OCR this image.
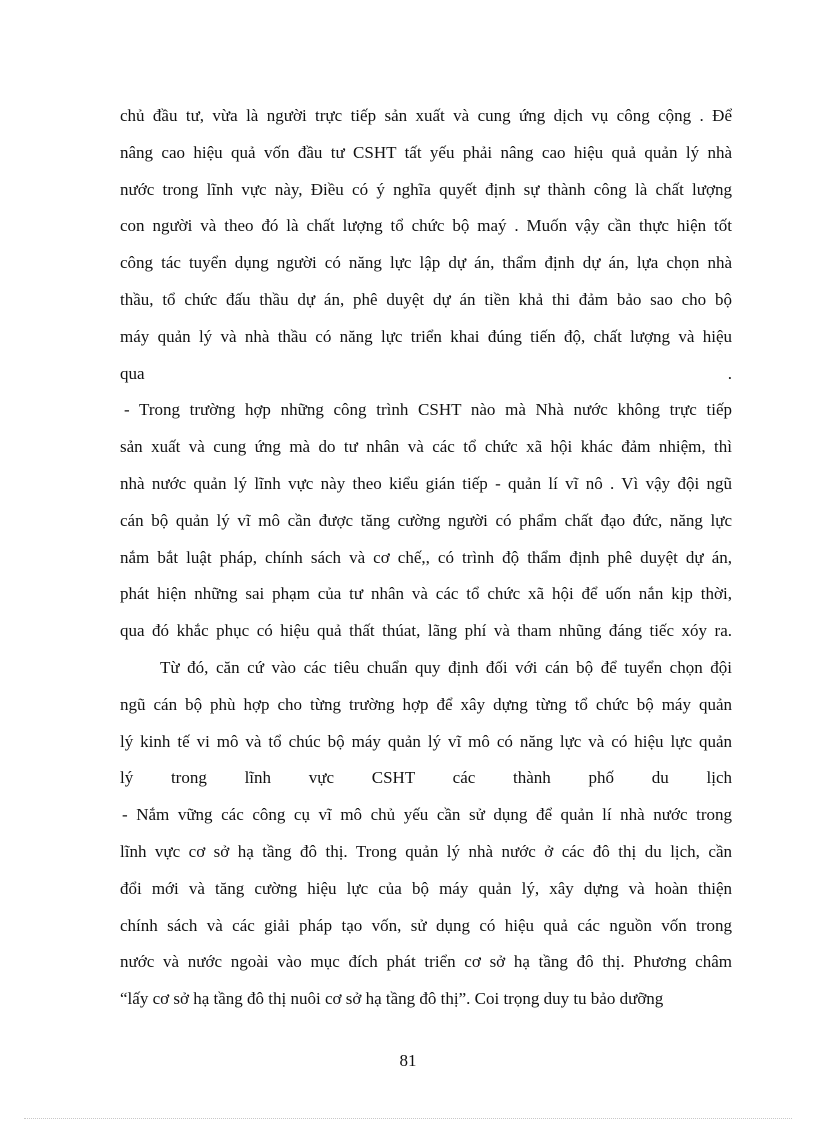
chủ đầu tư, vừa là người trực tiếp sản xuất và cung ứng dịch vụ công cộng . Để
nâng cao hiệu quả vốn đầu tư CSHT tất yếu phải nâng cao hiệu quả quản lý nhà
nước trong lĩnh vực này, Điều có ý nghĩa quyết định sự thành công là chất lượng
con người và theo đó là chất lượng tổ chức bộ maý . Muốn vậy cần thực hiện tốt
công tác tuyển dụng người có năng lực lập dự án, thẩm định dự án, lựa chọn nhà
thầu, tổ chức đấu thầu dự án, phê duyệt dự án tiền khả thi đảm bảo sao cho bộ
máy quản lý và nhà thầu có năng lực triển khai đúng tiến độ, chất lượng và hiệu
qua	.
- Trong trường hợp những công trình CSHT nào mà Nhà nước không trực tiếp
sản xuất và cung ứng mà do tư nhân và các tổ chức xã hội khác đảm nhiệm, thì
nhà nước quản lý lĩnh vực này theo kiểu gián tiếp - quản lí vĩ nô . Vì vậy đội ngũ
cán bộ quản lý vĩ mô cần được tăng cường người có phẩm chất đạo đức, năng lực
nắm bắt luật pháp, chính sách và cơ chế,, có trình độ thẩm định phê duyệt dự án,
phát hiện những sai phạm của tư nhân và các tổ chức xã hội để uốn nắn kịp thời,
qua đó khắc phục có hiệu quả thất thúat, lãng phí và tham nhũng đáng tiếc xóy ra.
Từ đó, căn cứ vào các tiêu chuẩn quy định đối với cán bộ để tuyển chọn đội
ngũ cán bộ phù hợp cho từng trường hợp để xây dựng từng tổ chức bộ máy quản
lý kinh tế vi mô và tổ chúc bộ máy quản lý vĩ mô có năng lực và có hiệu lực quản
lý trong lĩnh vực CSHT các thành phố du lịch
- Nắm vững các công cụ vĩ mô chủ yếu cần sử dụng để quản lí nhà nước trong
lĩnh vực cơ sở hạ tầng đô thị. Trong quản lý nhà nước ở các đô thị du lịch, cần
đổi mới và tăng cường hiệu lực của bộ máy quản lý, xây dựng và hoàn thiện
chính sách và các giải pháp tạo vốn, sử dụng có hiệu quả các nguồn vốn trong
nước và nước ngoài vào mục đích phát triển cơ sở hạ tầng đô thị. Phương châm
“lấy cơ sở hạ tầng đô thị nuôi cơ sở hạ tầng đô thị”. Coi trọng duy tu bảo dưỡng
81
